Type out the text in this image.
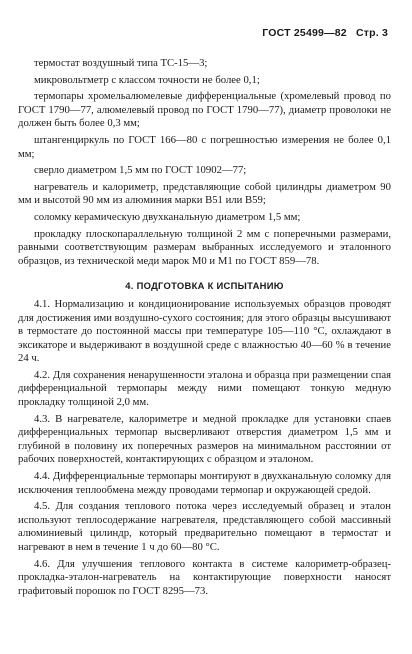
ГОСТ 25499—82 Стр. 3

термостат воздушный типа ТС-15—3;

микровольтметр с классом точности не более 0,1;

термопары хромельалюмелевые дифференциальные (хромелевый провод по ГОСТ 1790—77, алюмелевый провод по ГОСТ 1790—77), диаметр проволоки не должен быть более 0,3 мм;

штангенциркуль по ГОСТ 166—80 с погрешностью измерения не более 0,1 мм;

сверло диаметром 1,5 мм по ГОСТ 10902—77;

нагреватель и калориметр, представляющие собой цилиндры диаметром 90 мм и высотой 90 мм из алюминия марки В51 или В59;

соломку керамическую двухканальную диаметром 1,5 мм;

прокладку плоскопараллельную толщиной 2 мм с поперечными размерами, равными соответствующим размерам выбранных исследуемого и эталонного образцов, из технической меди марок М0 и М1 по ГОСТ 859—78.

4. ПОДГОТОВКА К ИСПЫТАНИЮ

4.1. Нормализацию и кондиционирование используемых образцов проводят для достижения ими воздушно-сухого состояния; для этого образцы высушивают в термостате до постоянной массы при температуре 105—110 °С, охлаждают в эксикаторе и выдерживают в воздушной среде с влажностью 40—60 % в течение 24 ч.

4.2. Для сохранения ненарушенности эталона и образца при размещении спая дифференциальной термопары между ними помещают тонкую медную прокладку толщиной 2,0 мм.

4.3. В нагревателе, калориметре и медной прокладке для установки спаев дифференциальных термопар высверливают отверстия диаметром 1,5 мм и глубиной в половину их поперечных размеров на минимальном расстоянии от рабочих поверхностей, контактирующих с образцом и эталоном.

4.4. Дифференциальные термопары монтируют в двухканальную соломку для исключения теплообмена между проводами термопар и окружающей средой.

4.5. Для создания теплового потока через исследуемый образец и эталон используют теплосодержание нагревателя, представляющего собой массивный алюминиевый цилиндр, который предварительно помещают в термостат и нагревают в нем в течение 1 ч до 60—80 °С.

4.6. Для улучшения теплового контакта в системе калориметр-образец-прокладка-эталон-нагреватель на контактирующие поверхности наносят графитовый порошок по ГОСТ 8295—73.
